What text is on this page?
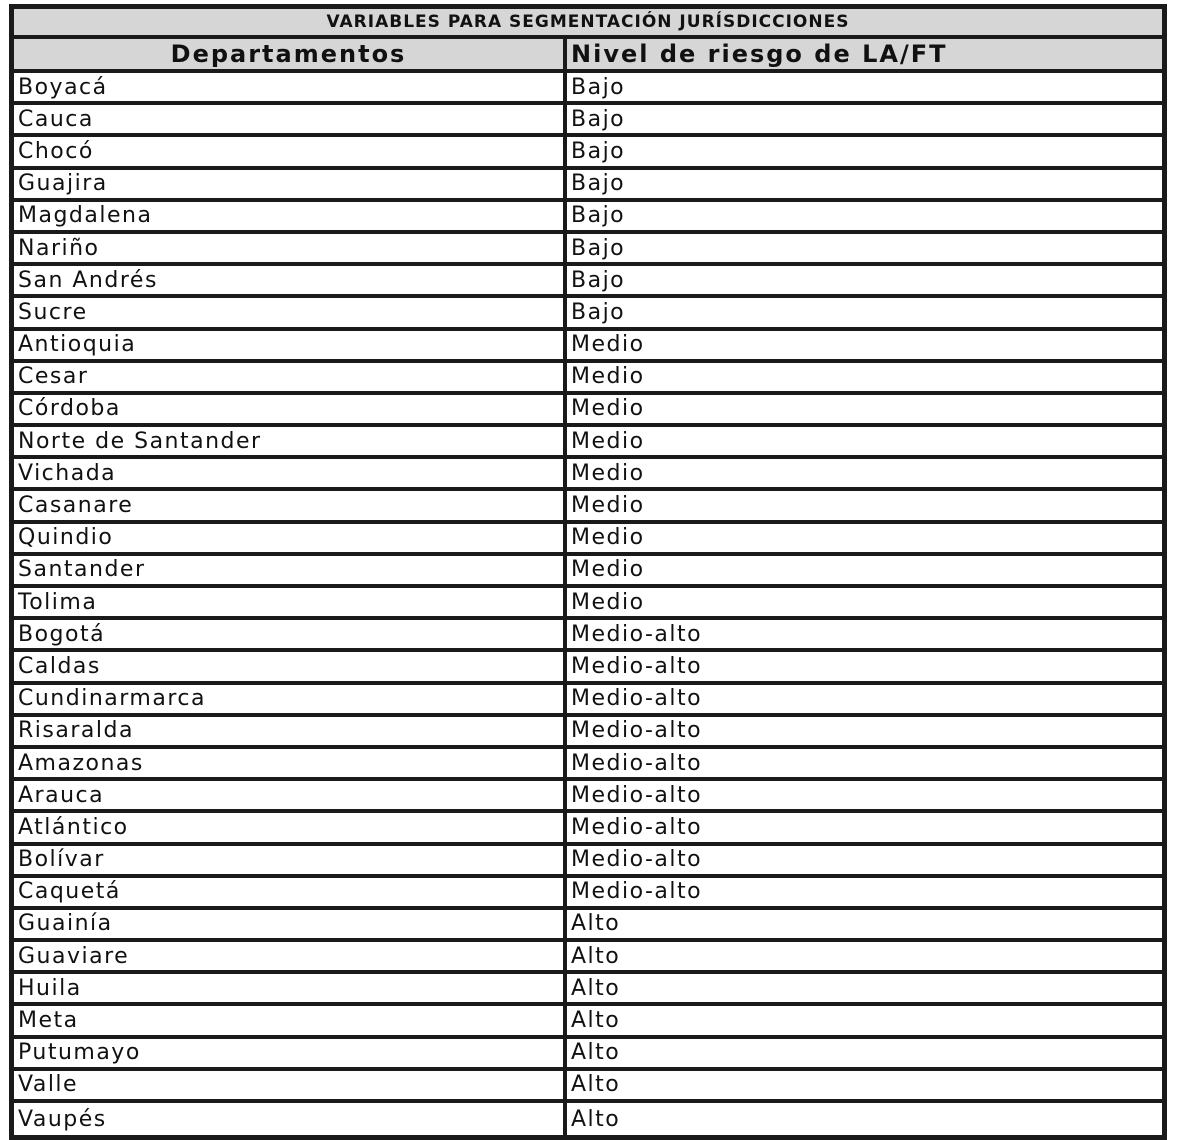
VARIABLES PARA SEGMENTACIÓN JURÍSDICCIONES	
Departamentos	Nivel de riesgo de LA/FT
Boyacá	Bajo
Cauca	Bajo
Chocó	Bajo
Guajira	Bajo
Magdalena	Bajo
Nariño	Bajo
San Andrés	Bajo
Sucre	Bajo
Antioquia	Medio
Cesar	Medio
Córdoba	Medio
Norte de Santander	Medio
Vichada	Medio
Casanare	Medio
Quindio	Medio
Santander	Medio
Tolima	Medio
Bogotá	Medio-alto
Caldas	Medio-alto
Cundinarmarca	Medio-alto
Risaralda	Medio-alto
Amazonas	Medio-alto
Arauca	Medio-alto
Atlántico	Medio-alto
Bolívar	Medio-alto
Caquetá	Medio-alto
Guainía	Alto
Guaviare	Alto
Huila	Alto
Meta	Alto
Putumayo	Alto
Valle	Alto
Vaupés	Alto
